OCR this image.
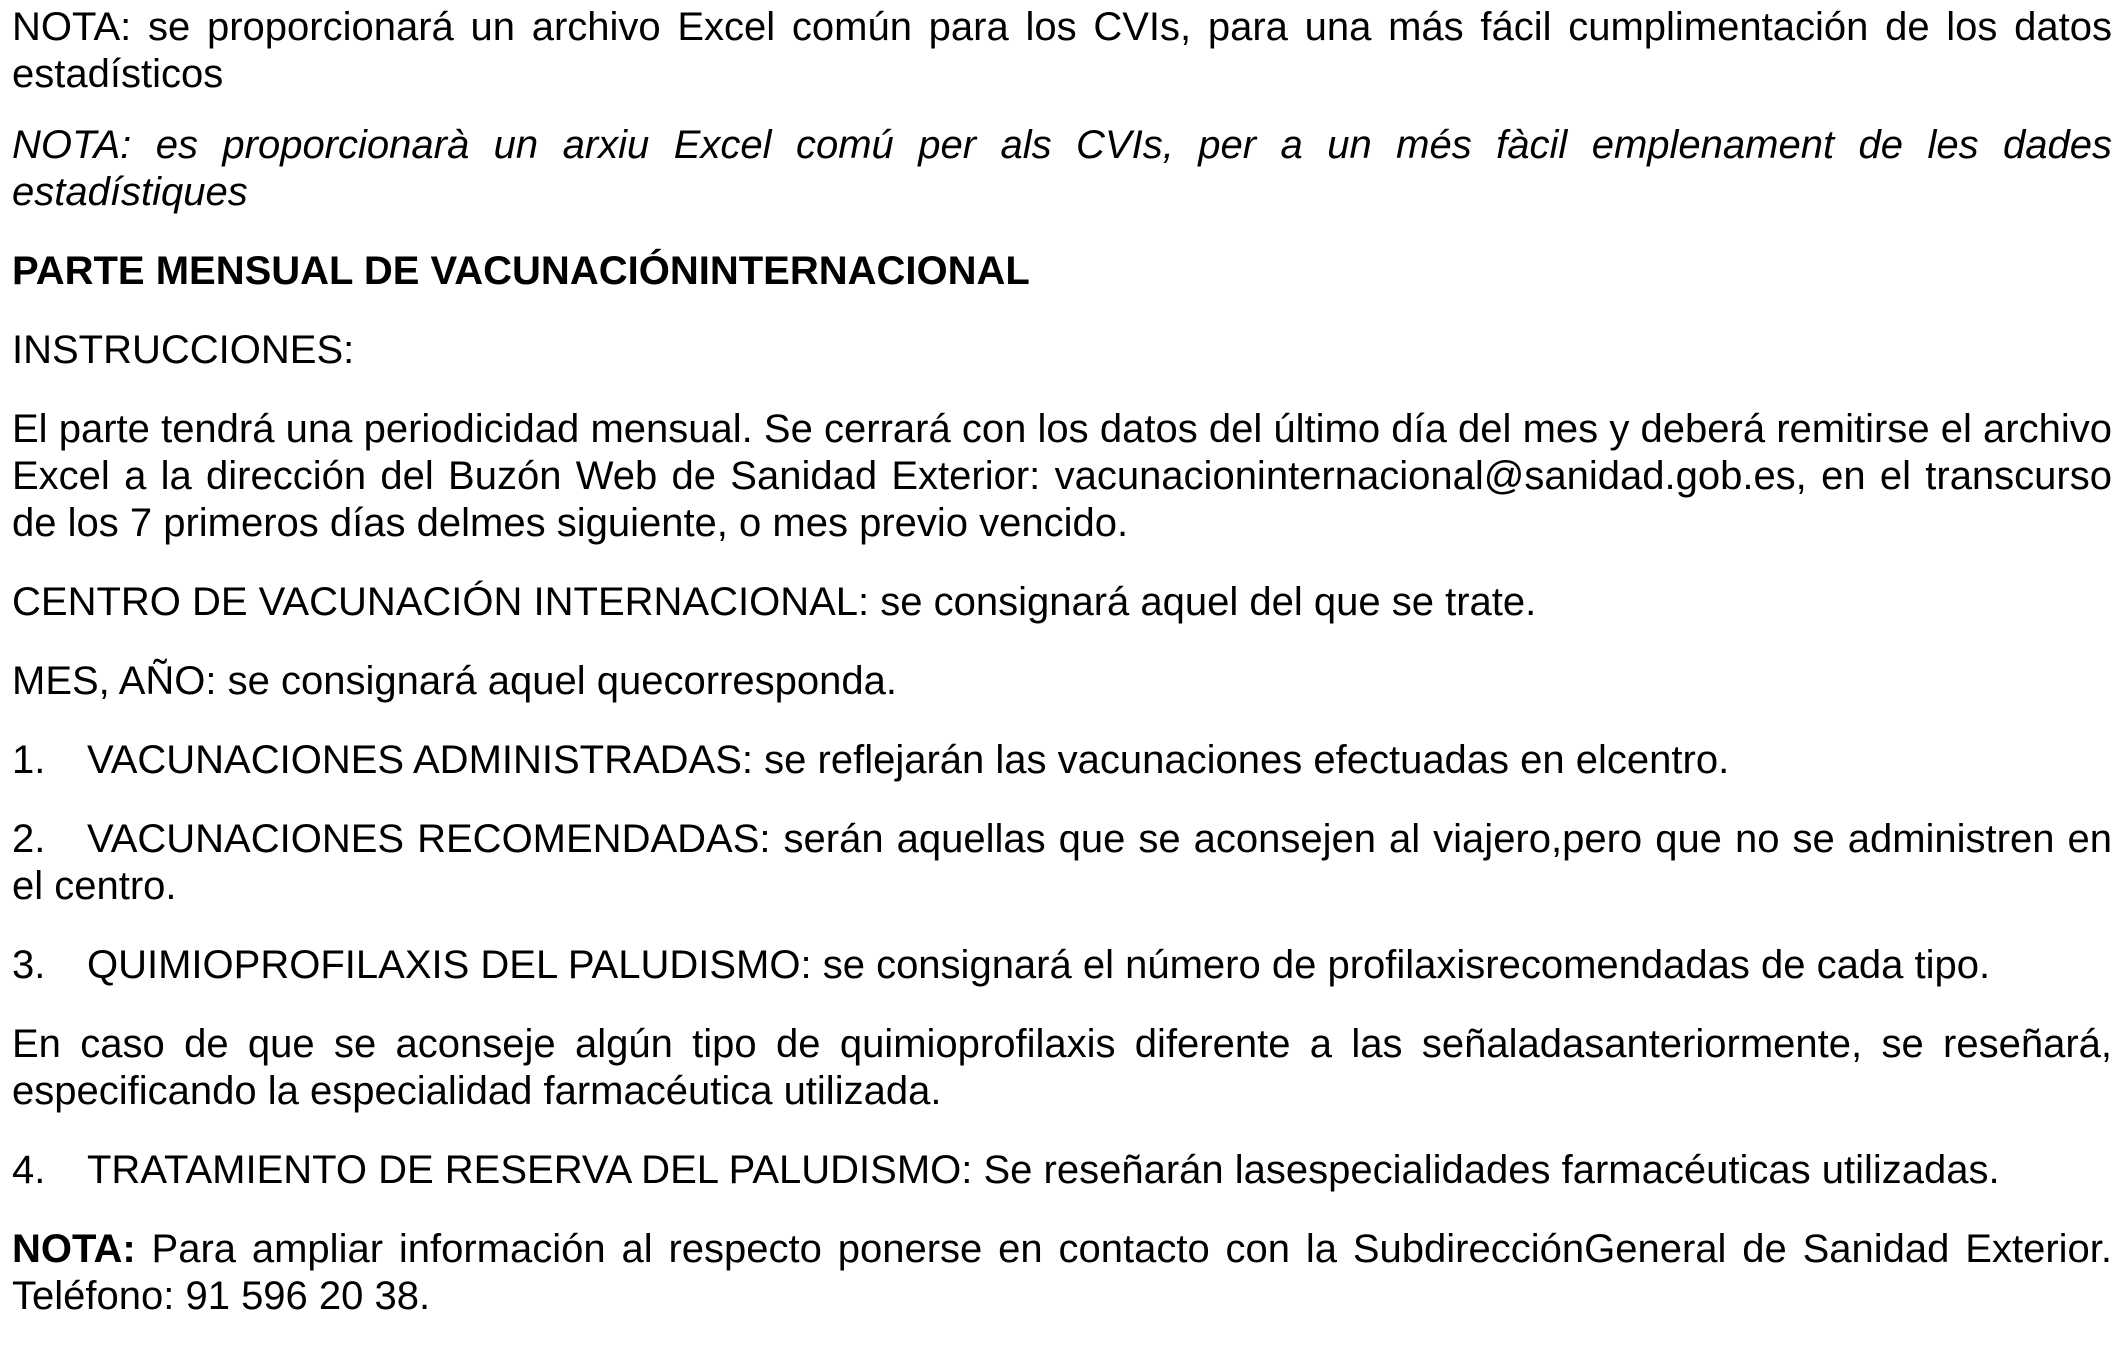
NOTA: se proporcionará un archivo Excel común para los CVIs, para una más fácil cumplimentación de los datos estadísticos

NOTA: es proporcionarà un arxiu Excel comú per als CVIs, per a un més fàcil emplenament de les dades estadístiques

PARTE MENSUAL DE VACUNACIÓNINTERNACIONAL

INSTRUCCIONES:

El parte tendrá una periodicidad mensual. Se cerrará con los datos del último día del mes y deberá remitirse el archivo Excel a la dirección del Buzón Web de Sanidad Exterior: vacunacioninternacional@sanidad.gob.es, en el transcurso de los 7 primeros días delmes siguiente, o mes previo vencido.

CENTRO DE VACUNACIÓN INTERNACIONAL: se consignará aquel del que se trate.

MES, AÑO: se consignará aquel quecorresponda.

1. VACUNACIONES ADMINISTRADAS: se reflejarán las vacunaciones efectuadas en elcentro.

2. VACUNACIONES RECOMENDADAS: serán aquellas que se aconsejen al viajero,pero que no se administren en el centro.

3. QUIMIOPROFILAXIS DEL PALUDISMO: se consignará el número de profilaxisrecomendadas de cada tipo.

En caso de que se aconseje algún tipo de quimioprofilaxis diferente a las señaladasanteriormente, se reseñará, especificando la especialidad farmacéutica utilizada.

4. TRATAMIENTO DE RESERVA DEL PALUDISMO: Se reseñarán lasespecialidades farmacéuticas utilizadas.

NOTA: Para ampliar información al respecto ponerse en contacto con la SubdirecciónGeneral de Sanidad Exterior. Teléfono: 91 596 20 38.
